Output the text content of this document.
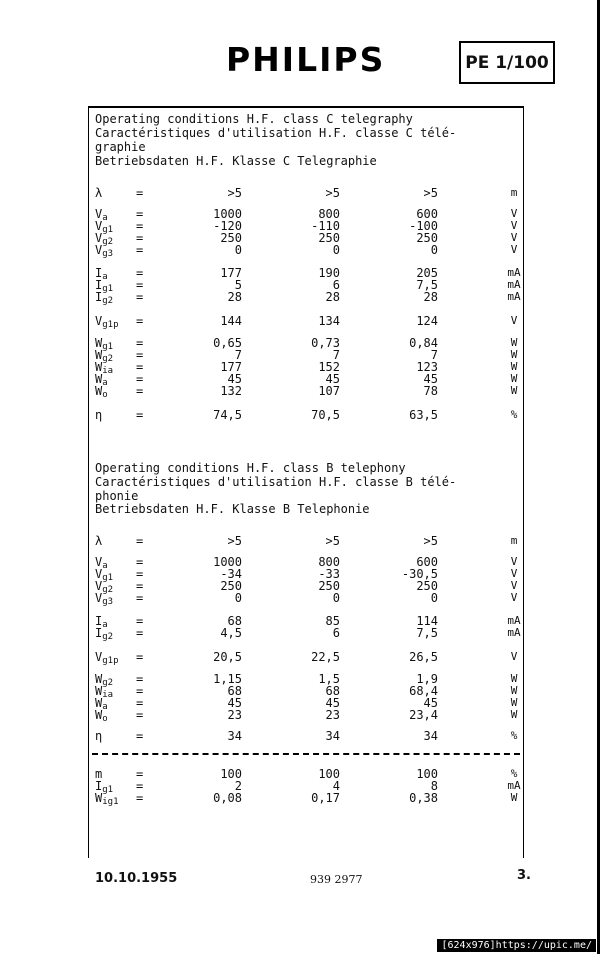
PHILIPS	PE 1/100
Operating conditions H.F. class C telegraphy
Caractéristiques d'utilisation H.F. classe C télé-
graphie
Betriebsdaten H.F. Klasse C Telegraphie
λ	=	>5	>5	>5	m
$V_a$ =	1000	800	600	V
$V_{g1}$ =	-120	-110	-100	V
$V_{g2}$ =	250	250	250	V
$V_{g3}$ =	0	0	0	V
$I_a$ =	177	190	205	mA
$I_{g1}$ =	5	6	7,5	mA
$I_{g2}$ =	28	28	28	mA
$V_{g1p}$ =	144	134	124	V
$W_{g1}$ =	0,65	0,73	0,84	W
$W_{g2}$ =	7	7	7	W
$W_{ia}$ =	177	152	123	W
$W_a$ =	45	45	45	W
$W_o$ =	132	107	78	W
η	=	74,5	70,5	63,5	%
Operating conditions H.F. class B telephony
Caractéristiques d'utilisation H.F. classe B télé-
phonie
Betriebsdaten H.F. Klasse B Telephonie
λ	=	>5	>5	>5	m
$V_a$ =	1000	800	600	V
$V_{g1}$ =	-34	-33	-30,5	V
$V_{g2}$ =	250	250	250	V
$V_{g3}$ =	0	0	0	V
$I_a$ =	68	85	114	mA
$I_{g2}$ =	4,5	6	7,5	mA
$V_{g1p}$ =	20,5	22,5	26,5	V
$W_{g2}$ =	1,15	1,5	1,9	W
$W_{ia}$ =	68	68	68,4	W
$W_a$ =	45	45	45	W
$W_o$ =	23	23	23,4	W
η	=	34	34	34	%
m	=	100	100	100	%
$I_{g1}$ =	2	4	8	mA
$W_{ig1}$ =	0,08	0,17	0,38	W
10.10.1955	939 2977	3.
[624x976]https://upic.me/
